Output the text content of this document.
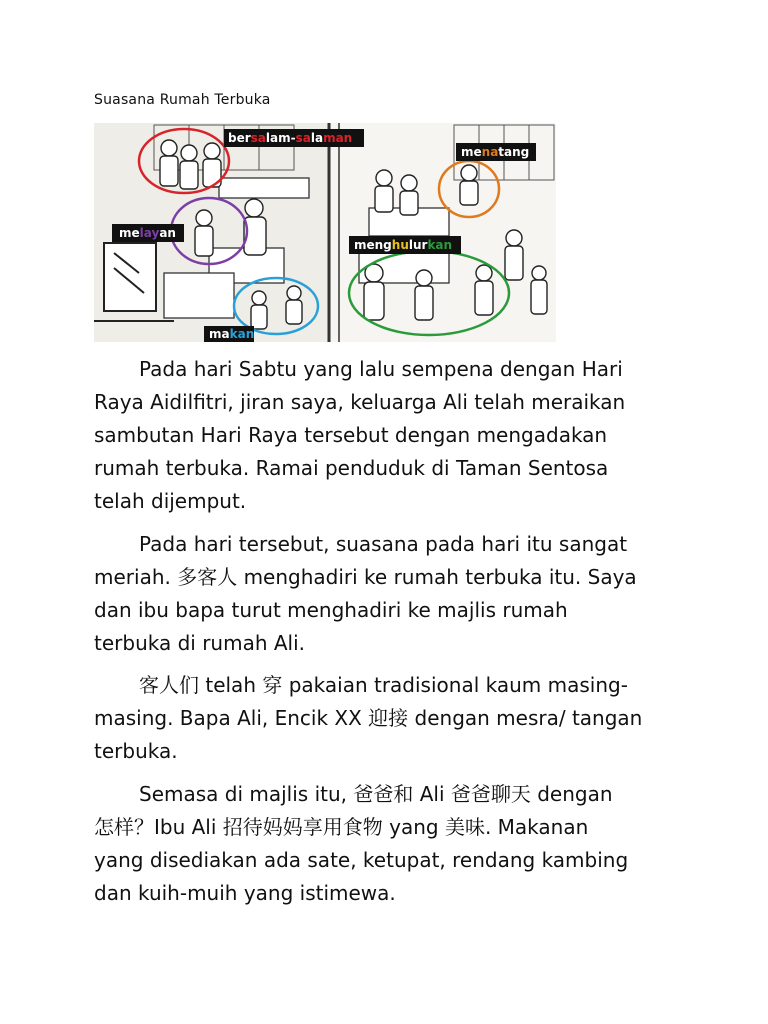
Suasana Rumah Terbuka
bersalam-salaman
menatang
melayan
menghulurkan
makan

Pada hari Sabtu yang lalu sempena dengan Hari
Raya Aidilfitri, jiran saya, keluarga Ali telah meraikan
sambutan Hari Raya tersebut dengan mengadakan
rumah terbuka. Ramai penduduk di Taman Sentosa
telah dijemput.

Pada hari tersebut, suasana pada hari itu sangat
meriah. 多客人 menghadiri ke rumah terbuka itu. Saya
dan ibu bapa turut menghadiri ke majlis rumah
terbuka di rumah Ali.

客人们 telah 穿 pakaian tradisional kaum masing-
masing. Bapa Ali, Encik XX 迎接 dengan mesra/ tangan
terbuka.

Semasa di majlis itu, 爸爸和 Ali 爸爸聊天 dengan
怎样？Ibu Ali 招待妈妈享用食物 yang 美味. Makanan
yang disediakan ada sate, ketupat, rendang kambing
dan kuih-muih yang istimewa.
